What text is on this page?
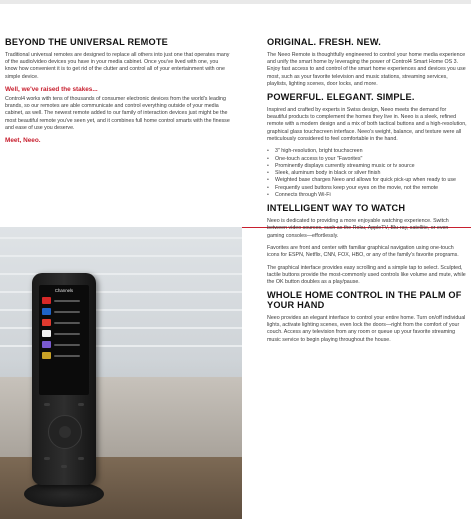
BEYOND THE UNIVERSAL REMOTE

Traditional universal remotes are designed to replace all others into just one that operates many of the audio/video devices you have in your media cabinet. Once you've lived with one, you know how convenient it is to get rid of the clutter and control all of your entertainment with one simple device.

Well, we've raised the stakes...

Control4 works with tens of thousands of consumer electronic devices from the world's leading brands, so our remotes are able communicate and control everything outside of your media cabinet, as well. The newest remote added to our family of interaction devices just might be the most beautiful remote you've seen yet, and it combines full home control smarts with the finesse and ease of use you deserve.

Meet, Neeo.
Channels
ORIGINAL. FRESH. NEW.

The Neeo Remote is thoughtfully engineered to control your home media experience and unify the smart home by leveraging the power of Control4 Smart Home OS 3. Enjoy fast access to and control of the smart home experiences and devices you use most, such as your favorite television and music stations, streaming services, playlists, lighting scenes, door locks, and more.

POWERFUL. ELEGANT. SIMPLE.

Inspired and crafted by experts in Swiss design, Neeo meets the demand for beautiful products to complement the homes they live in. Neeo is a sleek, refined remote with a modern design and a mix of both tactical buttons and a high-resolution, graphical glass touchscreen interface. Neeo's weight, balance, and texture were all meticulously considered to feel comfortable in the hand.

• 3" high-resolution, bright touchscreen
• One-touch access to your "Favorites"
• Prominently displays currently streaming music or tv source
• Sleek, aluminum body in black or silver finish
• Weighted base charges Neeo and allows for quick pick-up when ready to use
• Frequently used buttons keep your eyes on the movie, not the remote
• Connects through Wi-Fi
INTELLIGENT WAY TO WATCH

Neeo is dedicated to providing a more enjoyable watching experience. Switch between video sources, such as the Roku, AppleTV, Blu-ray, satellite, or even gaming consoles—effortlessly.

Favorites are front and center with familiar graphical navigation using one-touch icons for ESPN, Netflix, CNN, FOX, HBO, or any of the family's favorite programs.

The graphical interface provides easy scrolling and a simple tap to select. Sculpted, tactile buttons provide the most-commonly used controls like volume and mute, while the OK button doubles as a play/pause.

WHOLE HOME CONTROL IN THE PALM OF YOUR HAND

Neeo provides an elegant interface to control your entire home. Turn on/off individual lights, activate lighting scenes, even lock the doors—right from the comfort of your couch. Access any television from any room or queue up your favorite streaming music service to begin playing throughout the house.
